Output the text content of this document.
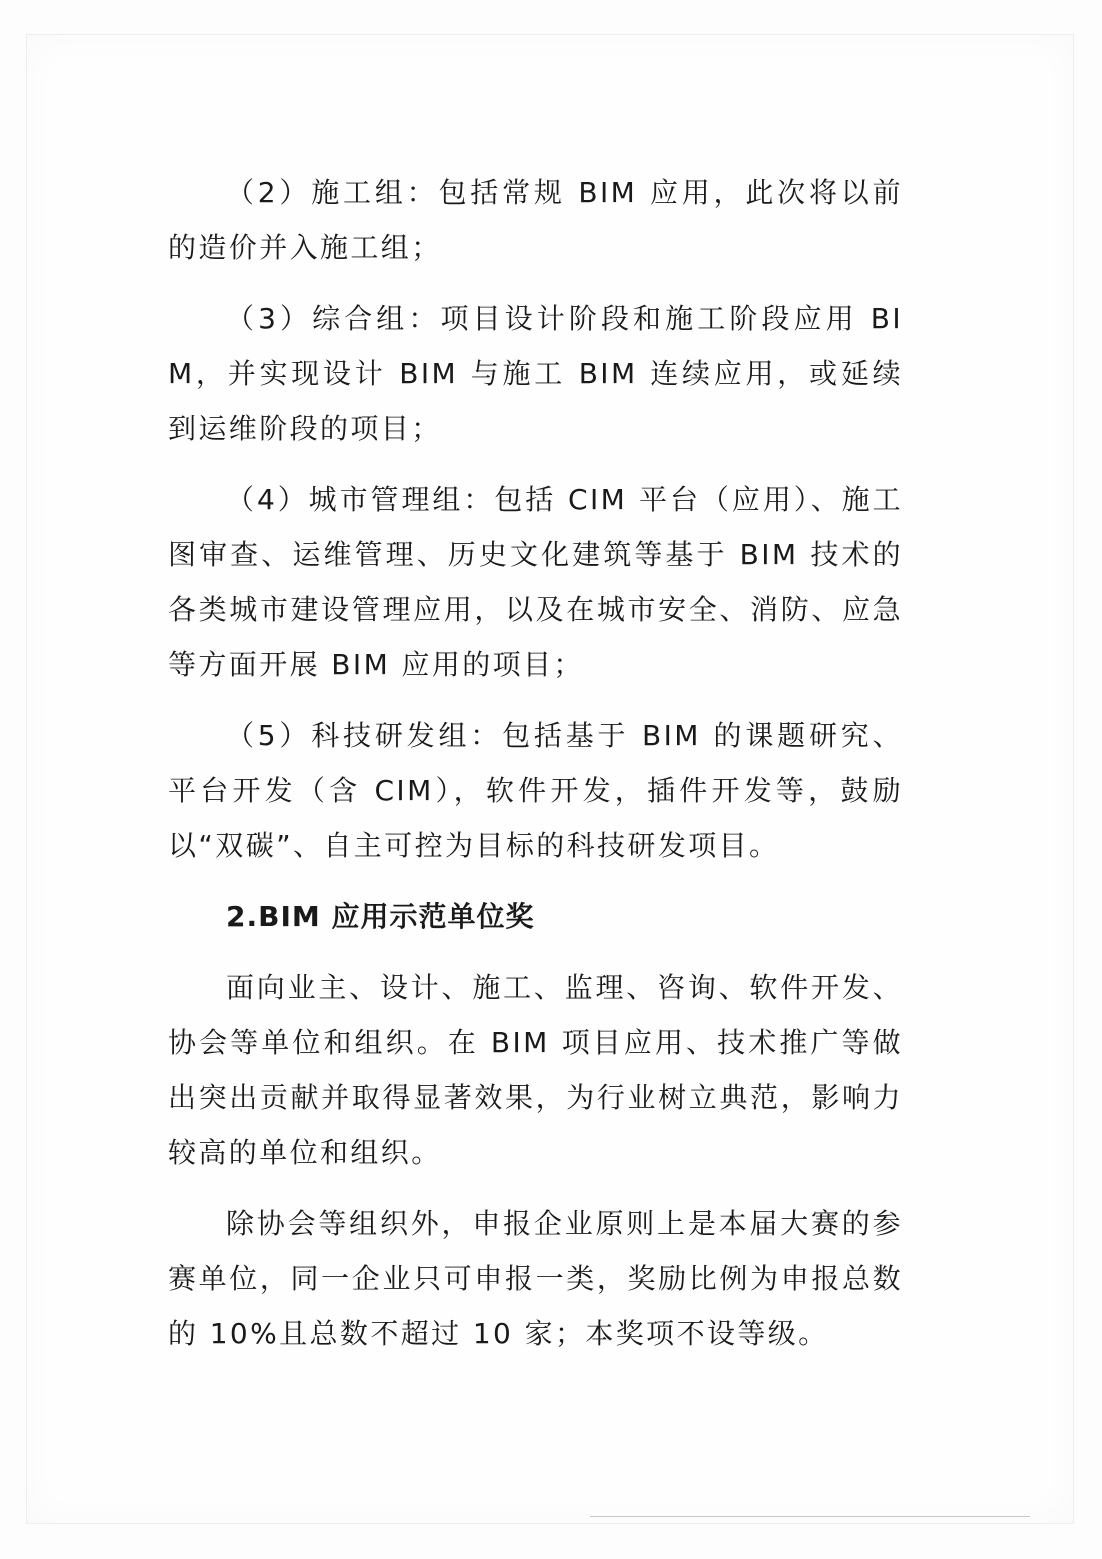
（2）施工组：包括常规 BIM 应用，此次将以前的造价并入施工组；

（3）综合组：项目设计阶段和施工阶段应用 BIM，并实现设计 BIM 与施工 BIM 连续应用，或延续到运维阶段的项目；

（4）城市管理组：包括 CIM 平台（应用）、施工图审查、运维管理、历史文化建筑等基于 BIM 技术的各类城市建设管理应用，以及在城市安全、消防、应急等方面开展 BIM 应用的项目；

（5）科技研发组：包括基于 BIM 的课题研究、平台开发（含 CIM），软件开发，插件开发等，鼓励以“双碳”、自主可控为目标的科技研发项目。

2.BIM 应用示范单位奖

面向业主、设计、施工、监理、咨询、软件开发、协会等单位和组织。在 BIM 项目应用、技术推广等做出突出贡献并取得显著效果，为行业树立典范，影响力较高的单位和组织。

除协会等组织外，申报企业原则上是本届大赛的参赛单位，同一企业只可申报一类，奖励比例为申报总数的 10%且总数不超过 10 家；本奖项不设等级。
